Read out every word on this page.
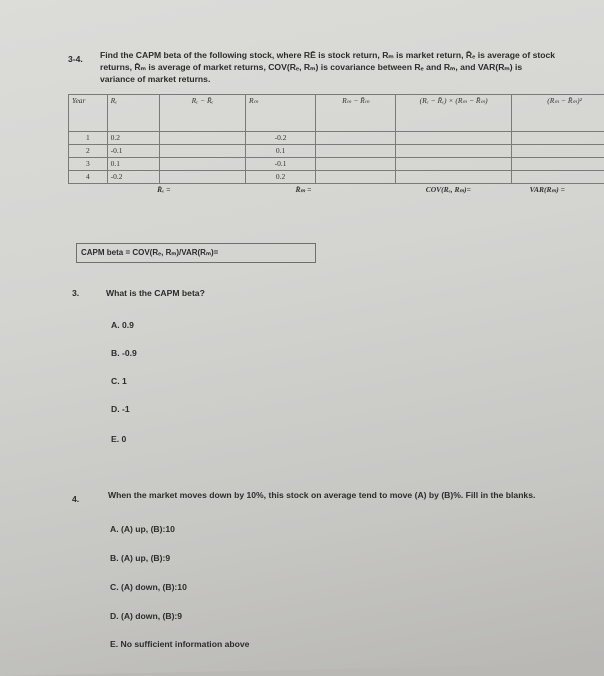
3-4. Find the CAPM beta of the following stock, where RĒ is stock return, Rₘ is market return, R̄ₑ is average of stock
returns, R̄ₘ is average of market returns, COV(Rₑ, Rₘ) is covariance between Rₑ and Rₘ, and VAR(Rₘ) is
variance of market returns.
Year	Rₑ	Rₑ − R̄ₑ	Rₘ	Rₘ − R̄ₘ	(Rₑ − R̄ₑ) × (Rₘ − R̄ₘ)	(Rₘ − R̄ₘ)²
1	0.2		-0.2			
2	-0.1		0.1			
3	0.1		-0.1			
4	-0.2		0.2			
	R̄ₑ =		R̄ₘ =		COV(Rₑ, Rₘ)=	VAR(Rₘ) =
CAPM beta = COV(Rₑ, Rₘ)/VAR(Rₘ)=
3.	What is the CAPM beta?
A. 0.9
B. -0.9
C. 1
D. -1
E. 0
4.	When the market moves down by 10%, this stock on average tend to move (A) by (B)%. Fill in the blanks.
A. (A) up, (B):10
B. (A) up, (B):9
C. (A) down, (B):10
D. (A) down, (B):9
E. No sufficient information above
